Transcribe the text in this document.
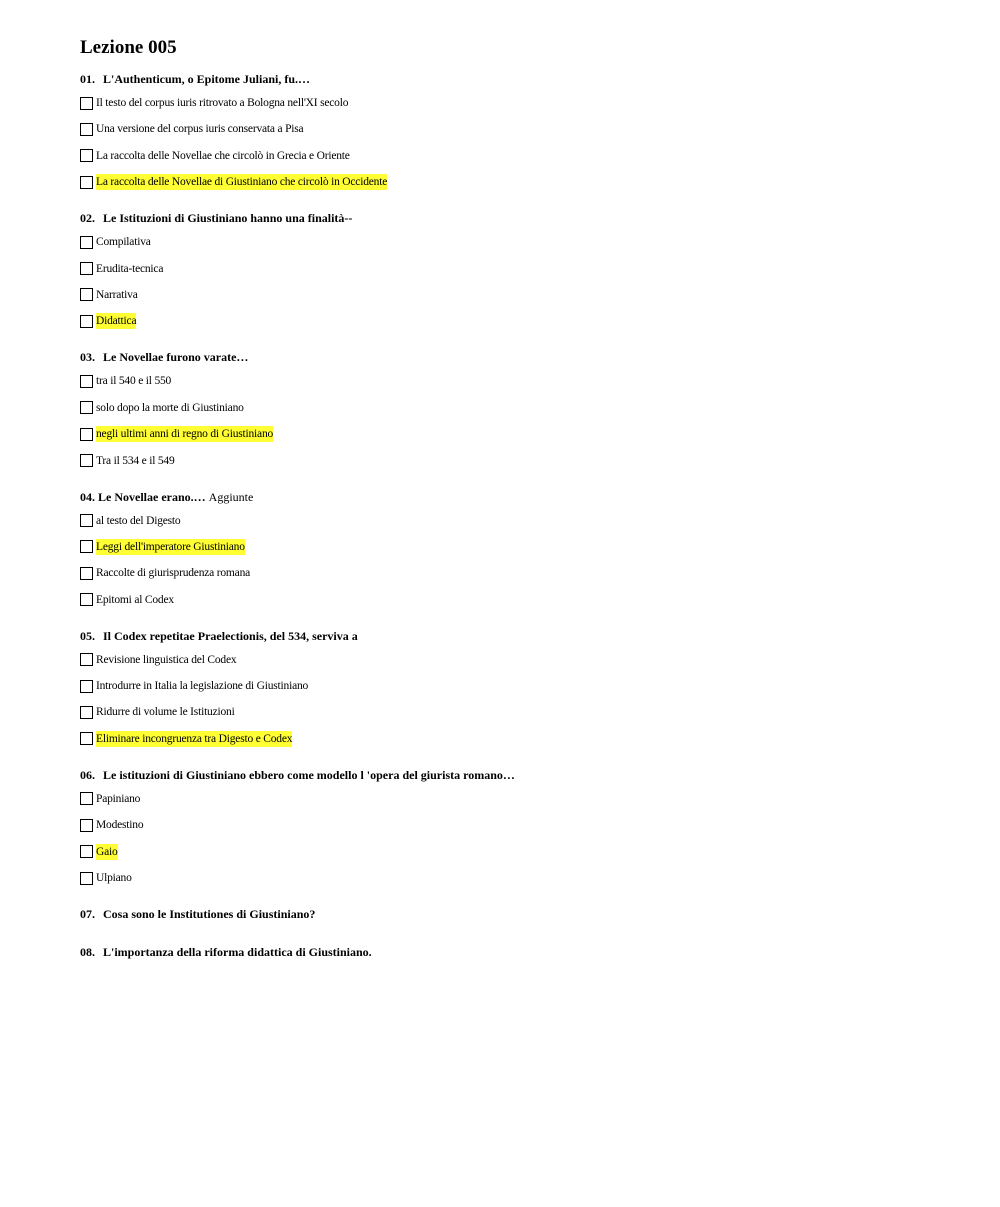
Lezione 005
01. L'Authenticum, o Epitome Juliani, fu.…
Il testo del corpus iuris ritrovato a Bologna nell'XI secolo
Una versione del corpus iuris conservata a Pisa
La raccolta delle Novellae che circolò in Grecia e Oriente
La raccolta delle Novellae di Giustiniano che circolò in Occidente
02. Le Istituzioni di Giustiniano hanno una finalità--
Compilativa
Erudita-tecnica
Narrativa
Didattica
03. Le Novellae furono varate…
tra il 540 e il 550
solo dopo la morte di Giustiniano
negli ultimi anni di regno di Giustiniano
Tra il 534 e il 549
04. Le Novellae erano.… Aggiunte
al testo del Digesto
Leggi dell'imperatore Giustiniano
Raccolte di giurisprudenza romana
Epitomi al Codex
05. Il Codex repetitae Praelectionis, del 534, serviva a
Revisione linguistica del Codex
Introdurre in Italia la legislazione di Giustiniano
Ridurre di volume le Istituzioni
Eliminare incongruenza tra Digesto e Codex
06. Le istituzioni di Giustiniano ebbero come modello l 'opera del giurista romano…
Papiniano
Modestino
Gaio
Ulpiano
07. Cosa sono le Institutiones di Giustiniano?
08. L'importanza della riforma didattica di Giustiniano.
